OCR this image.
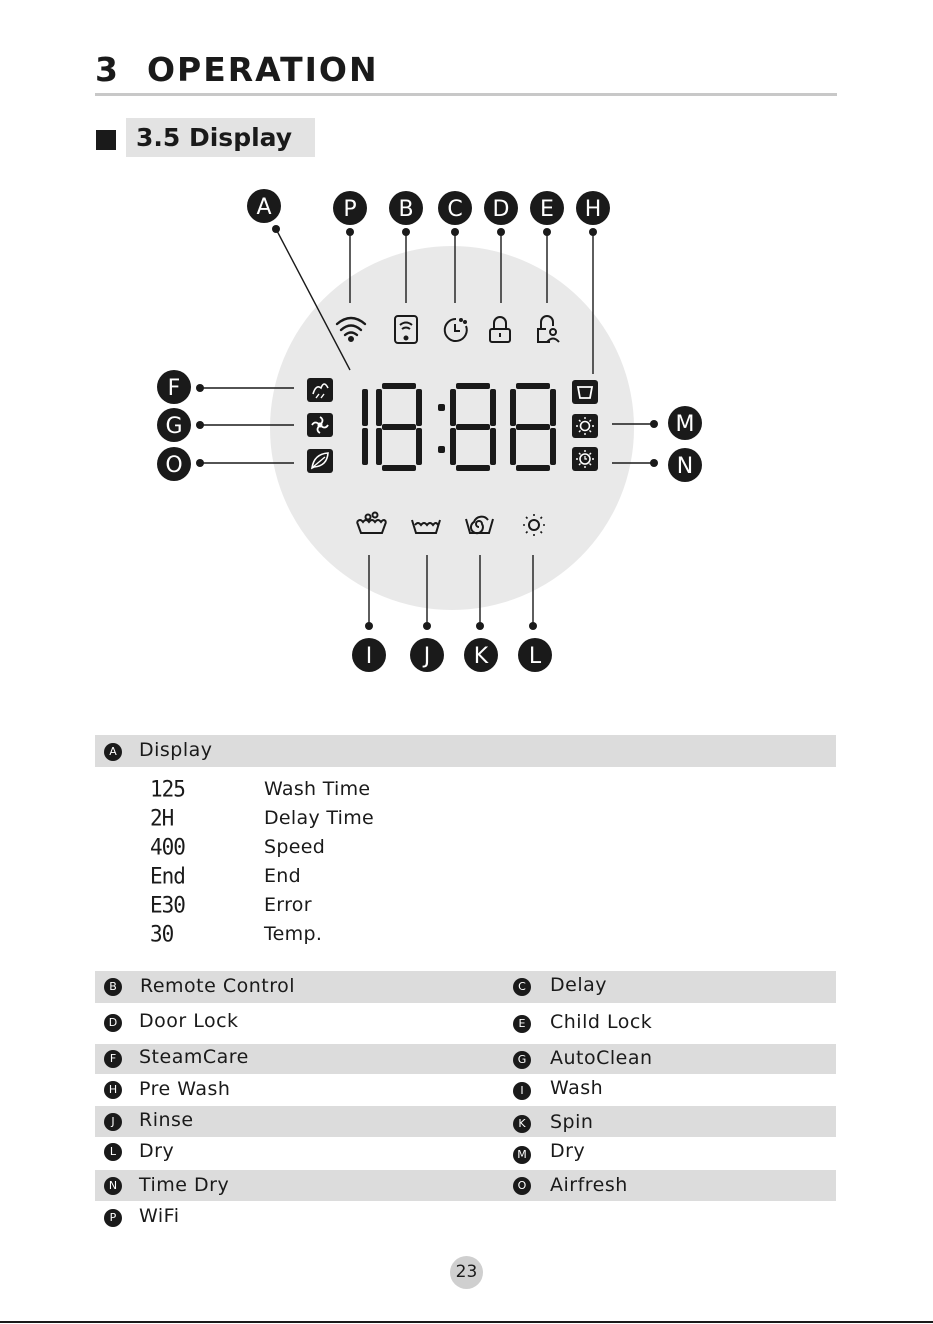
3 OPERATION
3.5 Display
A	P B C D E H
F
G
O
M
N
I J K L
18:88
A Display
125	Wash Time
2H	Delay Time
400	Speed
End	End
E30	Error
30	Temp.
B Remote Control	C Delay
D Door Lock	E Child Lock
F	SteamCare	G AutoClean
H Pre Wash	I	Wash
J	Rinse	K Spin
L	Dry	M Dry
N Time Dry	O Airfresh
P WiFi
23
